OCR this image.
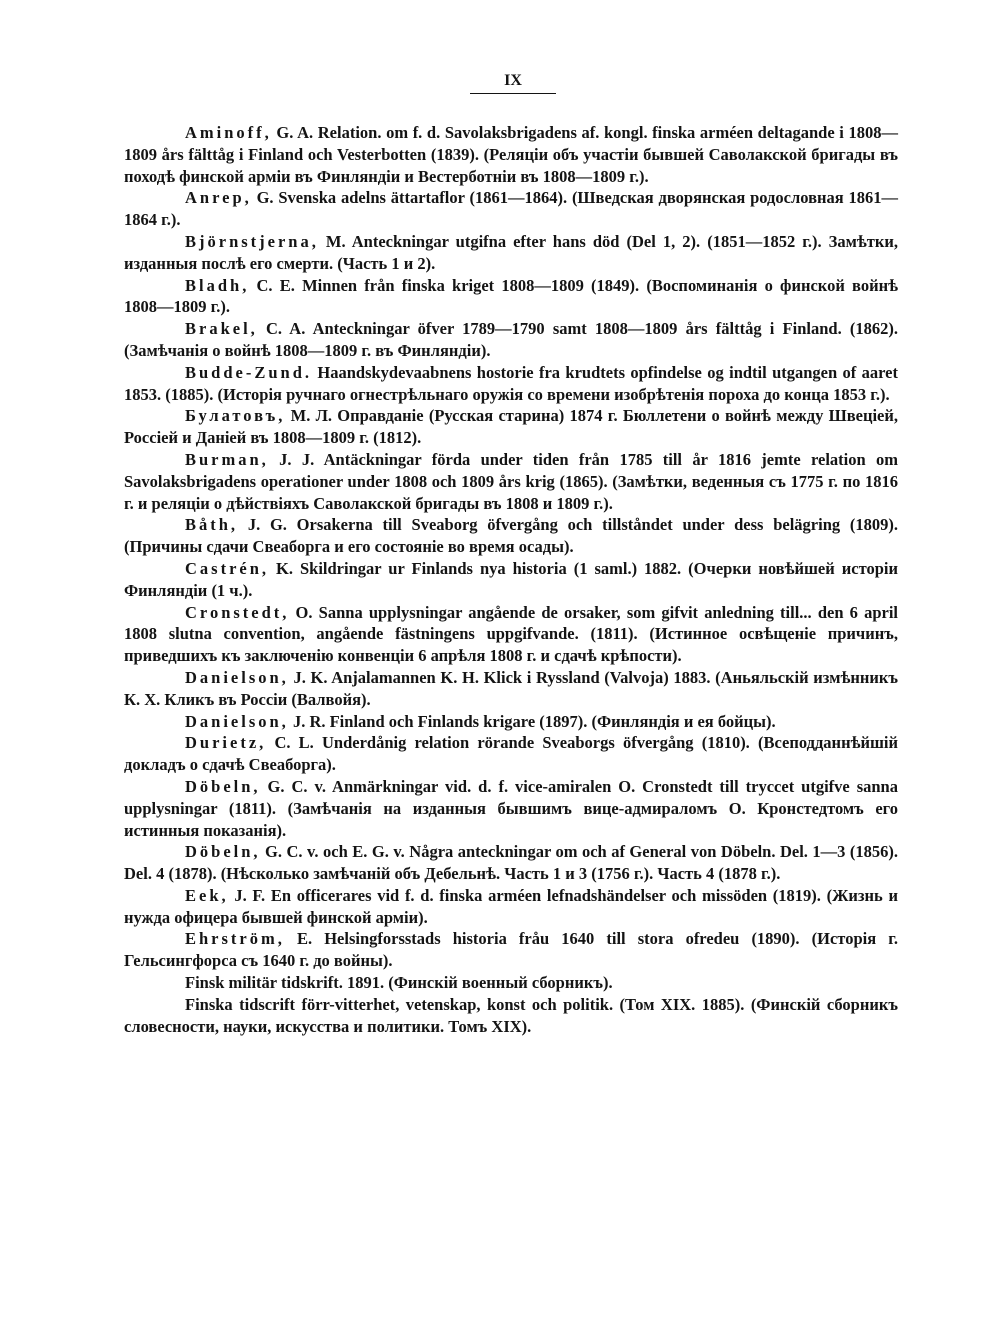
IX

Aminoff, G. A. Relation. om f. d. Savolaksbrigadens af. kongl. finska arméen deltagande i 1808—1809 års fälttåg i Finland och Vesterbotten (1839). (Реляціи объ участіи бывшей Саволакской бригады въ походѣ финской арміи въ Финляндіи и Вестерботніи въ 1808—1809 г.).

Anrep, G. Svenska adelns ättartaflor (1861—1864). (Шведская дворянская родословная 1861—1864 г.).

Björnstjerna, M. Anteckningar utgifna efter hans död (Del 1, 2). (1851—1852 г.). Замѣтки, изданныя послѣ его смерти. (Часть 1 и 2).

Bladh, C. E. Minnen från finska kriget 1808—1809 (1849). (Воспоминанія о финской войнѣ 1808—1809 г.).

Brakel, C. A. Anteckningar öfver 1789—1790 samt 1808—1809 års fälttåg i Finland. (1862). (Замѣчанія о войнѣ 1808—1809 г. въ Финляндіи).

Budde-Zund. Haandskydevaabnens hostorie fra krudtets opfindelse og indtil utgangen of aaret 1853. (1885). (Исторія ручнаго огнестрѣльнаго оружія со времени изобрѣтенія пороха до конца 1853 г.).

Булатовъ, М. Л. Оправданіе (Русская старина) 1874 г. Бюллетени о войнѣ между Швеціей, Россіей и Даніей въ 1808—1809 г. (1812).

Burman, J. J. Antäckningar förda under tiden från 1785 till år 1816 jemte relation om Savolaksbrigadens operationer under 1808 och 1809 års krig (1865). (Замѣтки, веденныя съ 1775 г. по 1816 г. и реляціи о дѣйствіяхъ Саволакской бригады въ 1808 и 1809 г.).

Båth, J. G. Orsakerna till Sveaborg öfvergång och tillståndet under dess belägring (1809). (Причины сдачи Свеаборга и его состояніе во время осады).

Castrén, K. Skildringar ur Finlands nya historia (1 saml.) 1882. (Очерки новѣйшей исторіи Финляндіи (1 ч.).

Cronstedt, O. Sanna upplysningar angående de orsaker, som gifvit anledning till... den 6 april 1808 slutna convention, angående fästningens uppgifvande. (1811). (Истинное освѣщеніе причинъ, приведшихъ къ заключенію конвенціи 6 апрѣля 1808 г. и сдачѣ крѣпости).

Danielson, J. K. Anjalamannen K. H. Klick i Ryssland (Valvoja) 1883. (Аньяльскій измѣнникъ К. Х. Кликъ въ Россіи (Валвойя).

Danielson, J. R. Finland och Finlands krigare (1897). (Финляндія и ея бойцы).

Durietz, C. L. Underdånig relation rörande Sveaborgs öfvergång (1810). (Всеподданнѣйшій докладъ о сдачѣ Свеаборга).

Döbeln, G. C. v. Anmärkningar vid. d. f. vice-amiralen O. Cronstedt till tryccet utgifve sanna upplysningar (1811). (Замѣчанія на изданныя бывшимъ вице-адмираломъ О. Кронстедтомъ его истинныя показанія).

Döbeln, G. C. v. och E. G. v. Några anteckningar om och af General von Döbeln. Del. 1—3 (1856). Del. 4 (1878). (Нѣсколько замѣчаній объ Дебельнѣ. Часть 1 и 3 (1756 г.). Часть 4 (1878 г.).

Eek, J. F. En officerares vid f. d. finska arméen lefnadshändelser och missöden (1819). (Жизнь и нужда офицера бывшей финской арміи).

Ehrström, E. Helsingforsstads historia fråu 1640 till stora ofredeu (1890). (Исторія г. Гельсингфорса съ 1640 г. до войны).

Finsk militär tidskrift. 1891. (Финскій военный сборникъ).

Finska tidscrift förr-vitterhet, vetenskap, konst och politik. (Том XIX. 1885). (Финскій сборникъ словесности, науки, искусства и политики. Томъ XIX).
